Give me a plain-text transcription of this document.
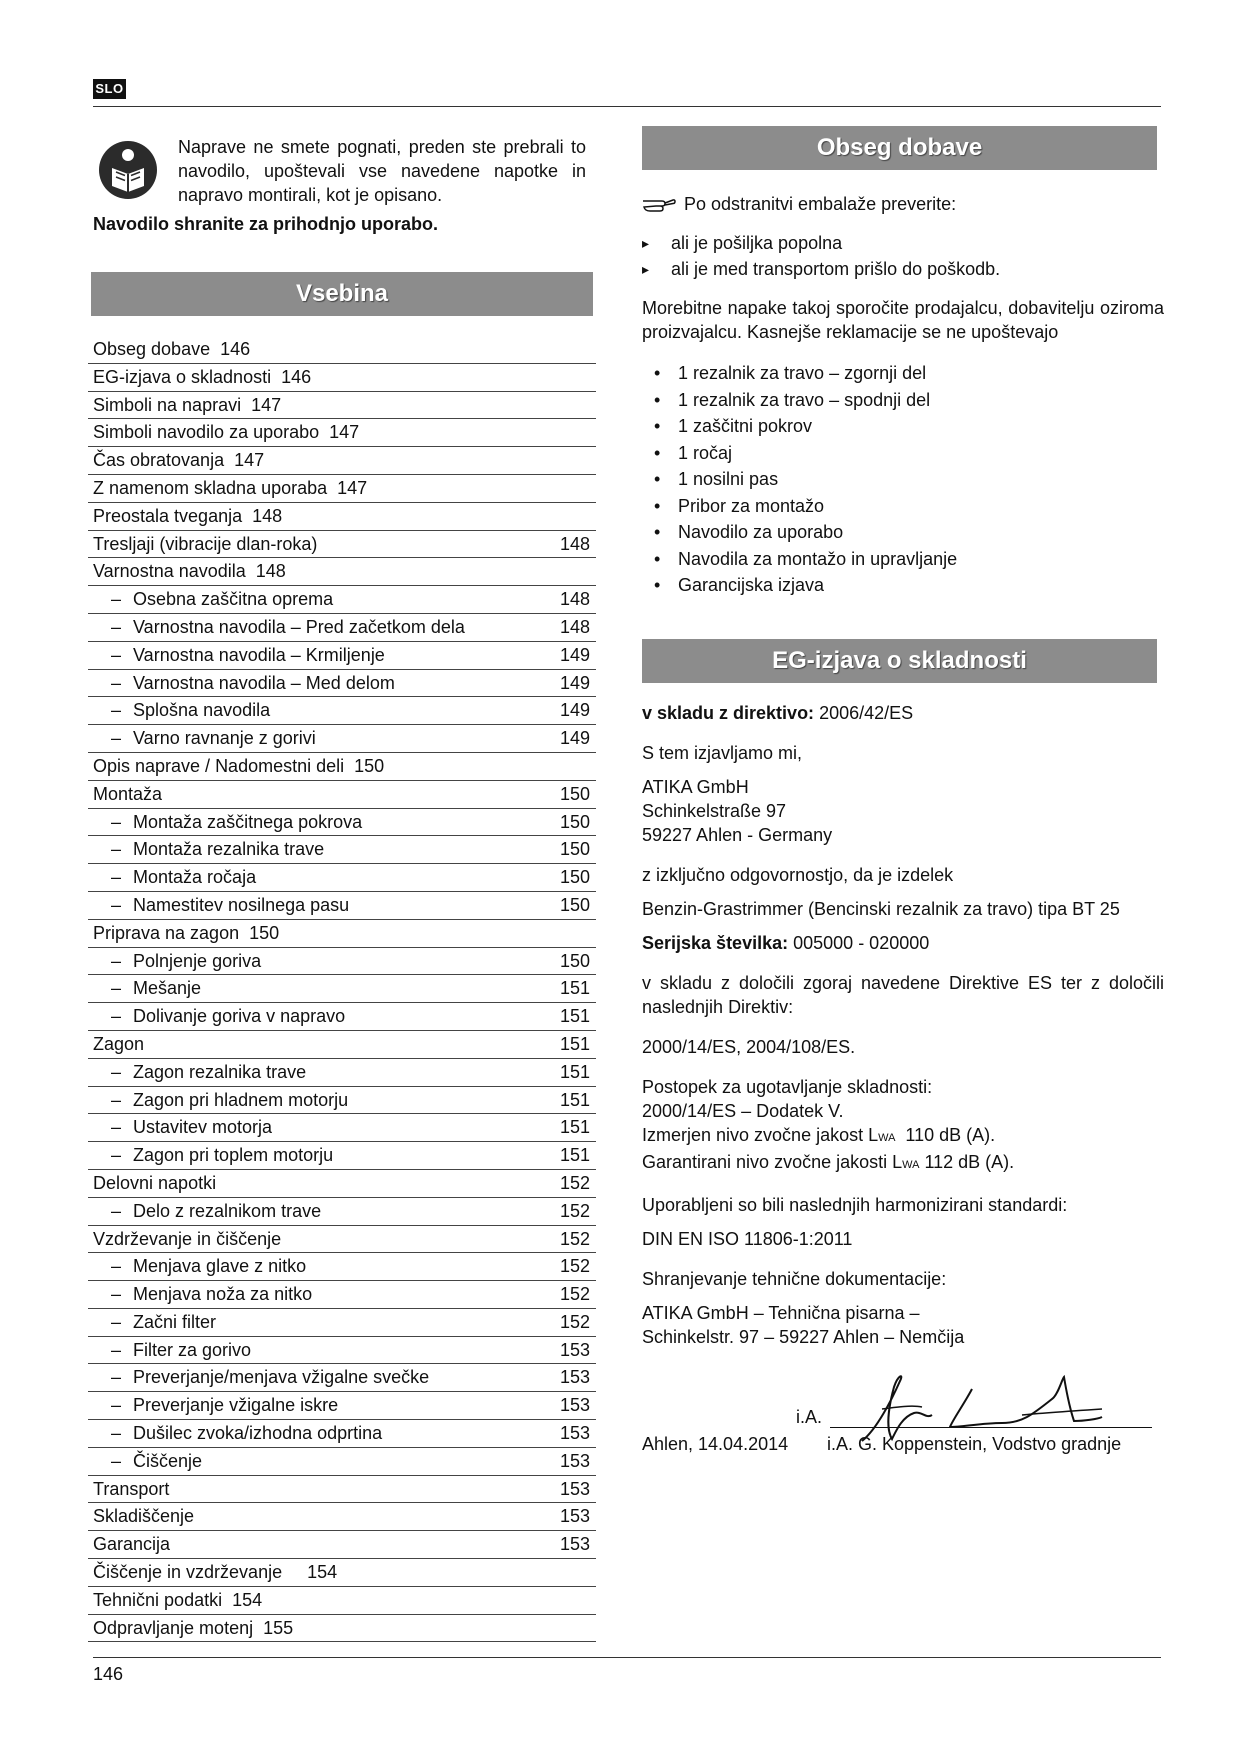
SLO
Naprave ne smete pognati, preden ste prebrali to navodilo, upoštevali vse navedene napotke in napravo montirali, kot je opisano.
Navodilo shranite za prihodnjo uporabo.
Vsebina
Obseg dobave  146
EG-izjava o skladnosti  146
Simboli na napravi  147
Simboli navodilo za uporabo  147
Čas obratovanja  147
Z namenom skladna uporaba  147
Preostala tveganja  148
Tresljaji (vibracije dlan-roka)	148
Varnostna navodila  148
– Osebna zaščitna oprema	148
– Varnostna navodila – Pred začetkom dela	148
– Varnostna navodila – Krmiljenje	149
– Varnostna navodila – Med delom	149
– Splošna navodila	149
– Varno ravnanje z gorivi	149
Opis naprave / Nadomestni deli  150
Montaža	150
– Montaža zaščitnega pokrova	150
– Montaža rezalnika trave	150
– Montaža ročaja	150
– Namestitev nosilnega pasu	150
Priprava na zagon  150
– Polnjenje goriva	150
– Mešanje	151
– Dolivanje goriva v napravo	151
Zagon	151
– Zagon rezalnika trave	151
– Zagon pri hladnem motorju	151
– Ustavitev motorja	151
– Zagon pri toplem motorju	151
Delovni napotki	152
– Delo z rezalnikom trave	152
Vzdrževanje in čiščenje	152
– Menjava glave z nitko	152
– Menjava noža za nitko	152
– Začni filter	152
– Filter za gorivo	153
– Preverjanje/menjava vžigalne svečke	153
– Preverjanje vžigalne iskre	153
– Dušilec zvoka/izhodna odprtina	153
– Čiščenje	153
Transport	153
Skladiščenje	153
Garancija	153
Čiščenje in vzdrževanje     154
Tehnični podatki  154
Odpravljanje motenj  155
Obseg dobave
Po odstranitvi embalaže preverite:
▸ ali je pošiljka popolna
▸ ali je med transportom prišlo do poškodb.
Morebitne napake takoj sporočite prodajalcu, dobavitelju oziroma proizvajalcu. Kasnejše reklamacije se ne upoštevajo
• 1 rezalnik za travo – zgornji del
• 1 rezalnik za travo – spodnji del
• 1 zaščitni pokrov
• 1 ročaj
• 1 nosilni pas
• Pribor za montažo
• Navodilo za uporabo
• Navodila za montažo in upravljanje
• Garancijska izjava
EG-izjava o skladnosti
v skladu z direktivo: 2006/42/ES
S tem izjavljamo mi,
ATIKA GmbH
Schinkelstraße 97
59227 Ahlen - Germany
z izključno odgovornostjo, da je izdelek
Benzin-Grastrimmer (Bencinski rezalnik za travo) tipa BT 25
Serijska številka: 005000 - 020000
v skladu z določili zgoraj navedene Direktive ES ter z določili naslednjih Direktiv:
2000/14/ES, 2004/108/ES.
Postopek za ugotavljanje skladnosti:
2000/14/ES – Dodatek V.
Izmerjen nivo zvočne jakost LWA  110 dB (A).
Garantirani nivo zvočne jakosti LWA 112 dB (A).
Uporabljeni so bili naslednjih harmonizirani standardi:
DIN EN ISO 11806-1:2011
Shranjevanje tehnične dokumentacije:
ATIKA GmbH – Tehnična pisarna –
Schinkelstr. 97 – 59227 Ahlen – Nemčija
i.A.
Ahlen, 14.04.2014 i.A. G. Koppenstein, Vodstvo gradnje
146
